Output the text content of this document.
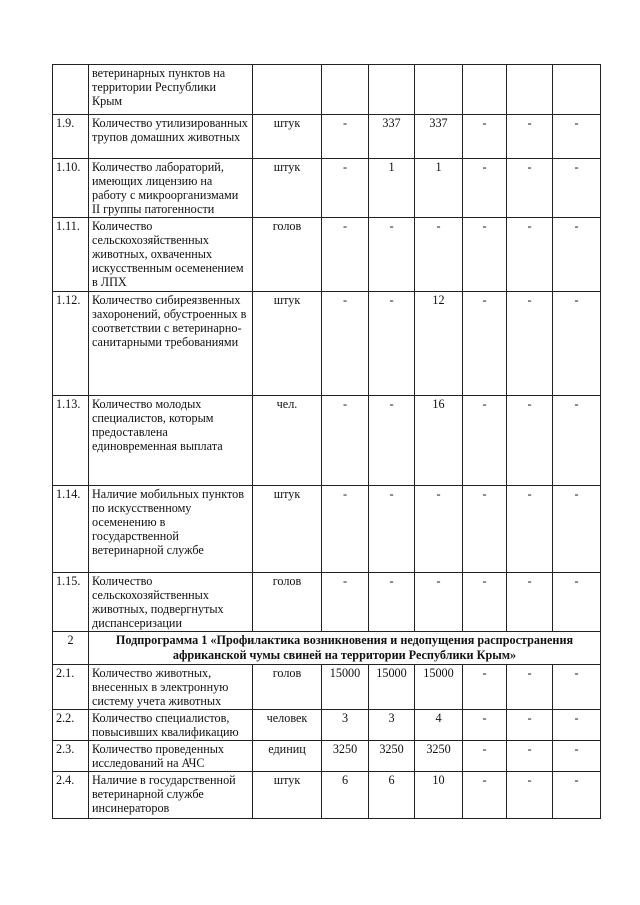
	ветеринарных пунктов на территории Республики Крым							
1.9.	Количество утилизированных трупов домашних животных	штук	-	337	337	-	-	-
1.10.	Количество лабораторий, имеющих лицензию на работу с микроорганизмами II группы патогенности	штук	-	1	1	-	-	-
1.11.	Количество сельскохозяйственных животных, охваченных искусственным осеменением в ЛПХ	голов	-	-	-	-	-	-
1.12.	Количество сибиреязвенных захоронений, обустроенных в соответствии с ветеринарно-санитарными требованиями	штук	-	-	12	-	-	-
1.13.	Количество молодых специалистов, которым предоставлена единовременная выплата	чел.	-	-	16	-	-	-
1.14.	Наличие мобильных пунктов по искусственному осеменению в государственной ветеринарной службе	штук	-	-	-	-	-	-
1.15.	Количество сельскохозяйственных животных, подвергнутых диспансеризации	голов	-	-	-	-	-	-
2	Подпрограмма 1 «Профилактика возникновения и недопущения распространения африканской чумы свиней на территории Республики Крым»							
2.1.	Количество животных, внесенных в электронную систему учета животных	голов	15000	15000	15000	-	-	-
2.2.	Количество специалистов, повысивших квалификацию	человек	3	3	4	-	-	-
2.3.	Количество проведенных исследований на АЧС	единиц	3250	3250	3250	-	-	-
2.4.	Наличие в государственной ветеринарной службе инсинераторов	штук	6	6	10	-	-	-
